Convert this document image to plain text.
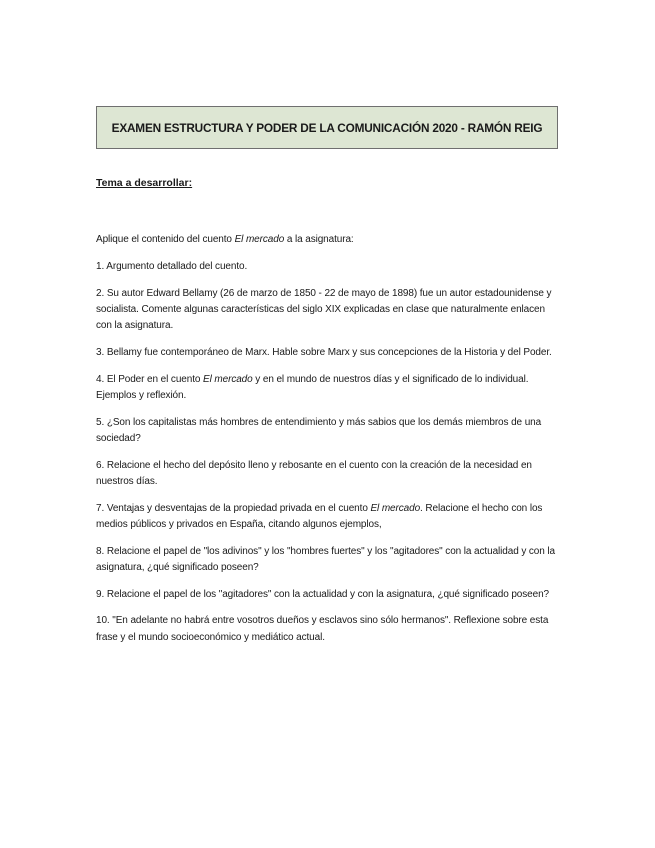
EXAMEN ESTRUCTURA Y PODER DE LA COMUNICACIÓN 2020 - RAMÓN REIG
Tema a desarrollar:

Aplique el contenido del cuento El mercado a la asignatura:

1. Argumento detallado del cuento.

2. Su autor Edward Bellamy (26 de marzo de 1850 - 22 de mayo de 1898) fue un autor estadounidense y socialista. Comente algunas características del siglo XIX explicadas en clase que naturalmente enlacen con la asignatura.

3. Bellamy fue contemporáneo de Marx. Hable sobre Marx y sus concepciones de la Historia y del Poder.

4. El Poder en el cuento El mercado y en el mundo de nuestros días y el significado de lo individual. Ejemplos y reflexión.

5. ¿Son los capitalistas más hombres de entendimiento y más sabios que los demás miembros de una sociedad?

6. Relacione el hecho del depósito lleno y rebosante en el cuento con la creación de la necesidad en nuestros días.

7. Ventajas y desventajas de la propiedad privada en el cuento El mercado. Relacione el hecho con los medios públicos y privados en España, citando algunos ejemplos,

8. Relacione el papel de "los adivinos" y los "hombres fuertes" y los "agitadores" con la actualidad y con la asignatura, ¿qué significado poseen?

9. Relacione el papel de los "agitadores" con la actualidad y con la asignatura, ¿qué significado poseen?

10. "En adelante no habrá entre vosotros dueños y esclavos sino sólo hermanos". Reflexione sobre esta frase y el mundo socioeconómico y mediático actual.
